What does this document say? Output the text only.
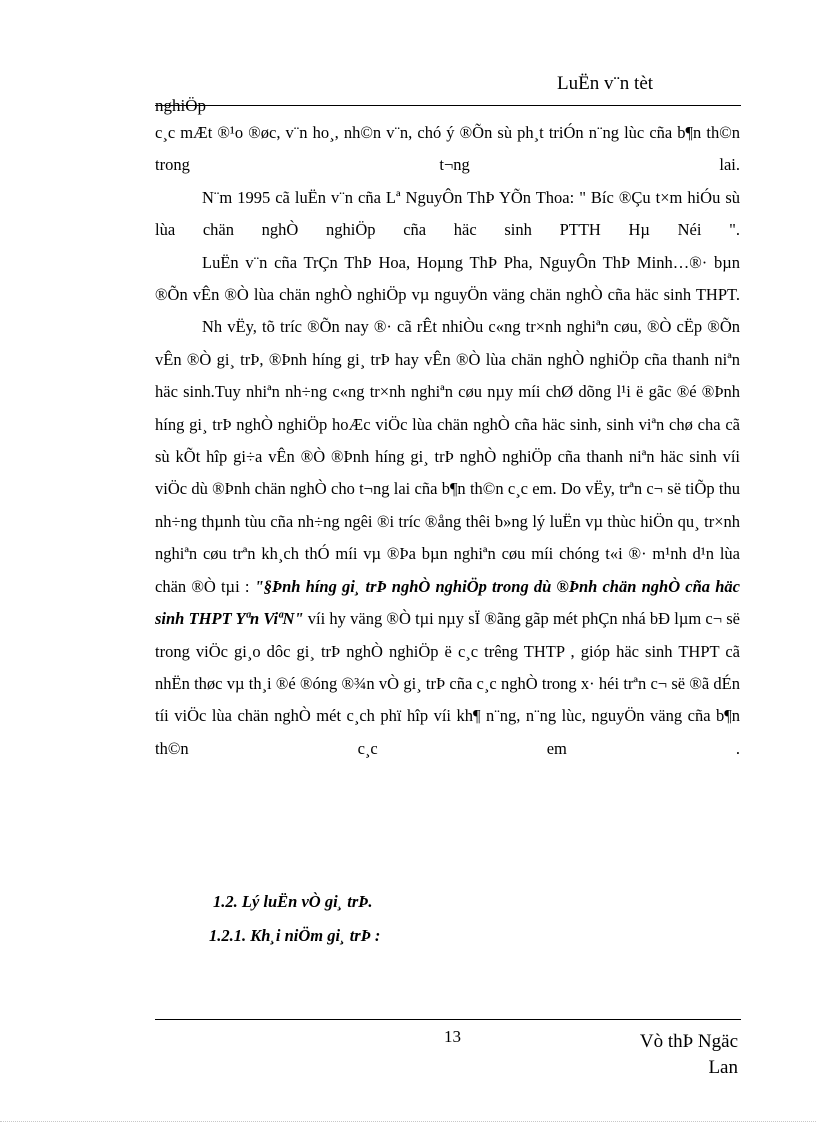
LuËn v¨n tèt
nghiÖp

c¸c mÆt ®¹o ®øc, v¨n ho¸, nh©n v¨n, chó ý ®Õn sù ph¸t triÓn n¨ng lùc cña b¶n th©n trong t¬ng lai.

N¨m 1995 cã luËn v¨n cña Lª NguyÔn ThÞ YÕn Thoa: " Bíc ®Çu t×m hiÓu sù lùa chän nghÒ nghiÖp cña häc sinh PTTH Hµ Néi ".

LuËn v¨n cña TrÇn ThÞ Hoa, Hoµng ThÞ Pha, NguyÔn ThÞ Minh…®· bµn ®Õn vÊn ®Ò lùa chän nghÒ nghiÖp vµ nguyÖn väng chän nghÒ cña häc sinh THPT.

Nh vËy, tõ tríc ®Õn nay ®· cã rÊt nhiÒu c«ng tr×nh nghiªn cøu, ®Ò cËp ®Õn vÊn ®Ò gi¸ trÞ, ®Þnh híng gi¸ trÞ hay vÊn ®Ò lùa chän nghÒ nghiÖp cña thanh niªn häc sinh.Tuy nhiªn nh÷ng c«ng tr×nh nghiªn cøu nµy míi chØ dõng l¹i ë gãc ®é ®Þnh híng gi¸ trÞ nghÒ nghiÖp hoÆc viÖc lùa chän nghÒ cña häc sinh, sinh viªn chø cha cã sù kÕt hîp gi÷a vÊn ®Ò ®Þnh híng gi¸ trÞ nghÒ nghiÖp cña thanh niªn häc sinh víi viÖc dù ®Þnh chän nghÒ cho t¬ng lai cña b¶n th©n c¸c em. Do vËy, trªn c¬ së tiÕp thu nh÷ng thµnh tùu cña nh÷ng ngêi ®i tríc ®ång thêi b»ng lý luËn vµ thùc hiÖn qu¸ tr×nh nghiªn cøu trªn kh¸ch thÓ míi vµ ®Þa bµn nghiªn cøu míi chóng t«i ®· m¹nh d¹n lùa chän ®Ò tµi : "§Þnh híng gi¸ trÞ nghÒ nghiÖp trong dù ®Þnh chän nghÒ cña häc sinh THPT Yªn ViªN" víi hy väng ®Ò tµi nµy sÏ ®ãng gãp mét phÇn nhá bÐ lµm c¬ së trong viÖc gi¸o dôc gi¸ trÞ nghÒ nghiÖp ë c¸c trêng THTP , gióp häc sinh THPT cã nhËn thøc vµ th¸i ®é ®óng ®¾n vÒ gi¸ trÞ cña c¸c nghÒ trong x· héi trªn c¬ së ®ã dÉn tíi viÖc lùa chän nghÒ mét c¸ch phï hîp víi kh¶ n¨ng, n¨ng lùc, nguyÖn väng cña b¶n th©n c¸c em .

1.2. Lý luËn vÒ gi¸ trÞ.
1.2.1. Kh¸i niÖm gi¸ trÞ :
13	Vò thÞ Ngäc Lan
